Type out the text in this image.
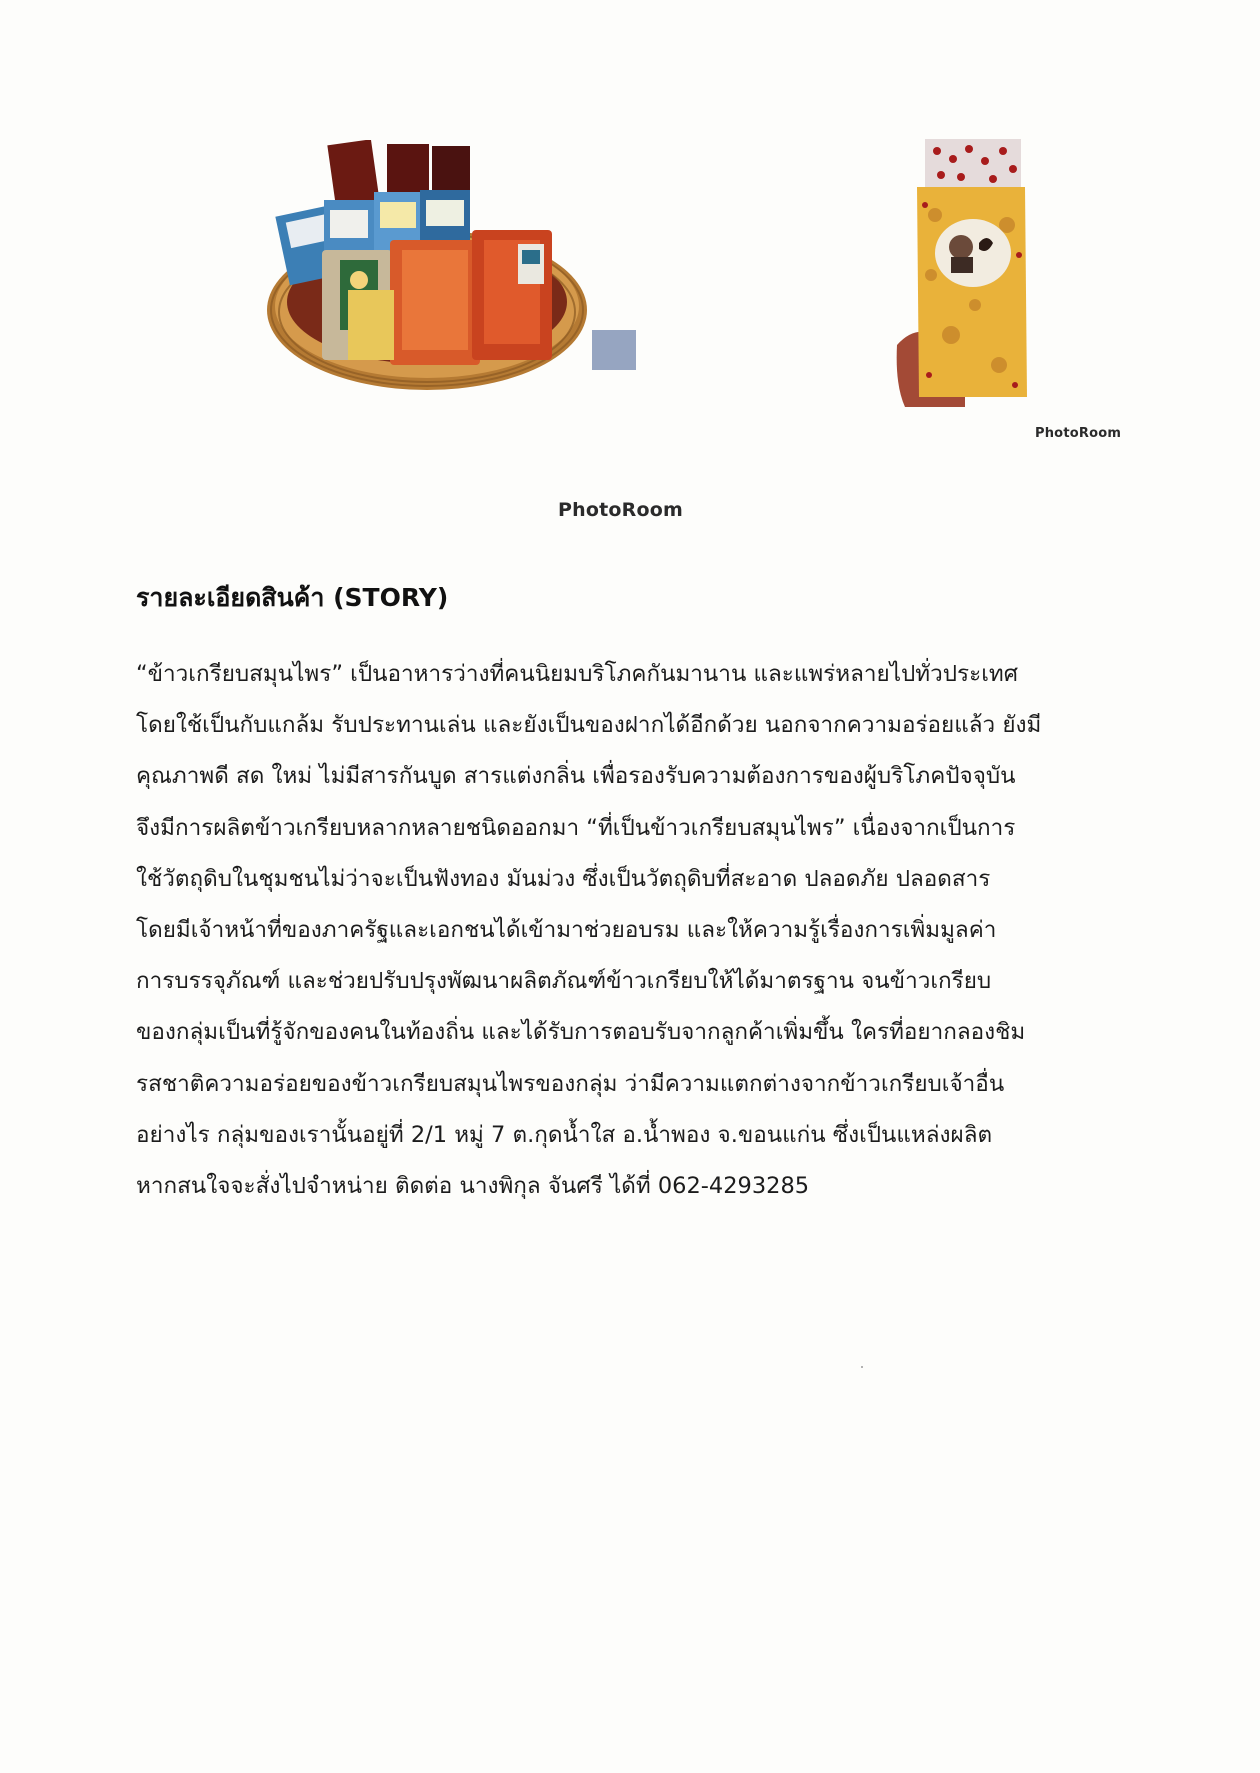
PhotoRoom
PhotoRoom
รายละเอียดสินค้า (STORY)
“ข้าวเกรียบสมุนไพร” เป็นอาหารว่างที่คนนิยมบริโภคกันมานาน และแพร่หลายไปทั่วประเทศ
โดยใช้เป็นกับแกล้ม รับประทานเล่น และยังเป็นของฝากได้อีกด้วย นอกจากความอร่อยแล้ว ยังมี
คุณภาพดี สด ใหม่ ไม่มีสารกันบูด สารแต่งกลิ่น เพื่อรองรับความต้องการของผู้บริโภคปัจจุบัน
จึงมีการผลิตข้าวเกรียบหลากหลายชนิดออกมา “ที่เป็นข้าวเกรียบสมุนไพร” เนื่องจากเป็นการ
ใช้วัตถุดิบในชุมชนไม่ว่าจะเป็นฟังทอง มันม่วง ซึ่งเป็นวัตถุดิบที่สะอาด ปลอดภัย ปลอดสาร
โดยมีเจ้าหน้าที่ของภาครัฐและเอกชนได้เข้ามาช่วยอบรม และให้ความรู้เรื่องการเพิ่มมูลค่า
การบรรจุภัณฑ์ และช่วยปรับปรุงพัฒนาผลิตภัณฑ์ข้าวเกรียบให้ได้มาตรฐาน จนข้าวเกรียบ
ของกลุ่มเป็นที่รู้จักของคนในท้องถิ่น และได้รับการตอบรับจากลูกค้าเพิ่มขึ้น ใครที่อยากลองชิม
รสชาติความอร่อยของข้าวเกรียบสมุนไพรของกลุ่ม ว่ามีความแตกต่างจากข้าวเกรียบเจ้าอื่น
อย่างไร กลุ่มของเรานั้นอยู่ที่ 2/1 หมู่ 7 ต.กุดน้ำใส อ.น้ำพอง จ.ขอนแก่น ซึ่งเป็นแหล่งผลิต
หากสนใจจะสั่งไปจำหน่าย ติดต่อ นางพิกุล จันศรี ได้ที่ 062-4293285
